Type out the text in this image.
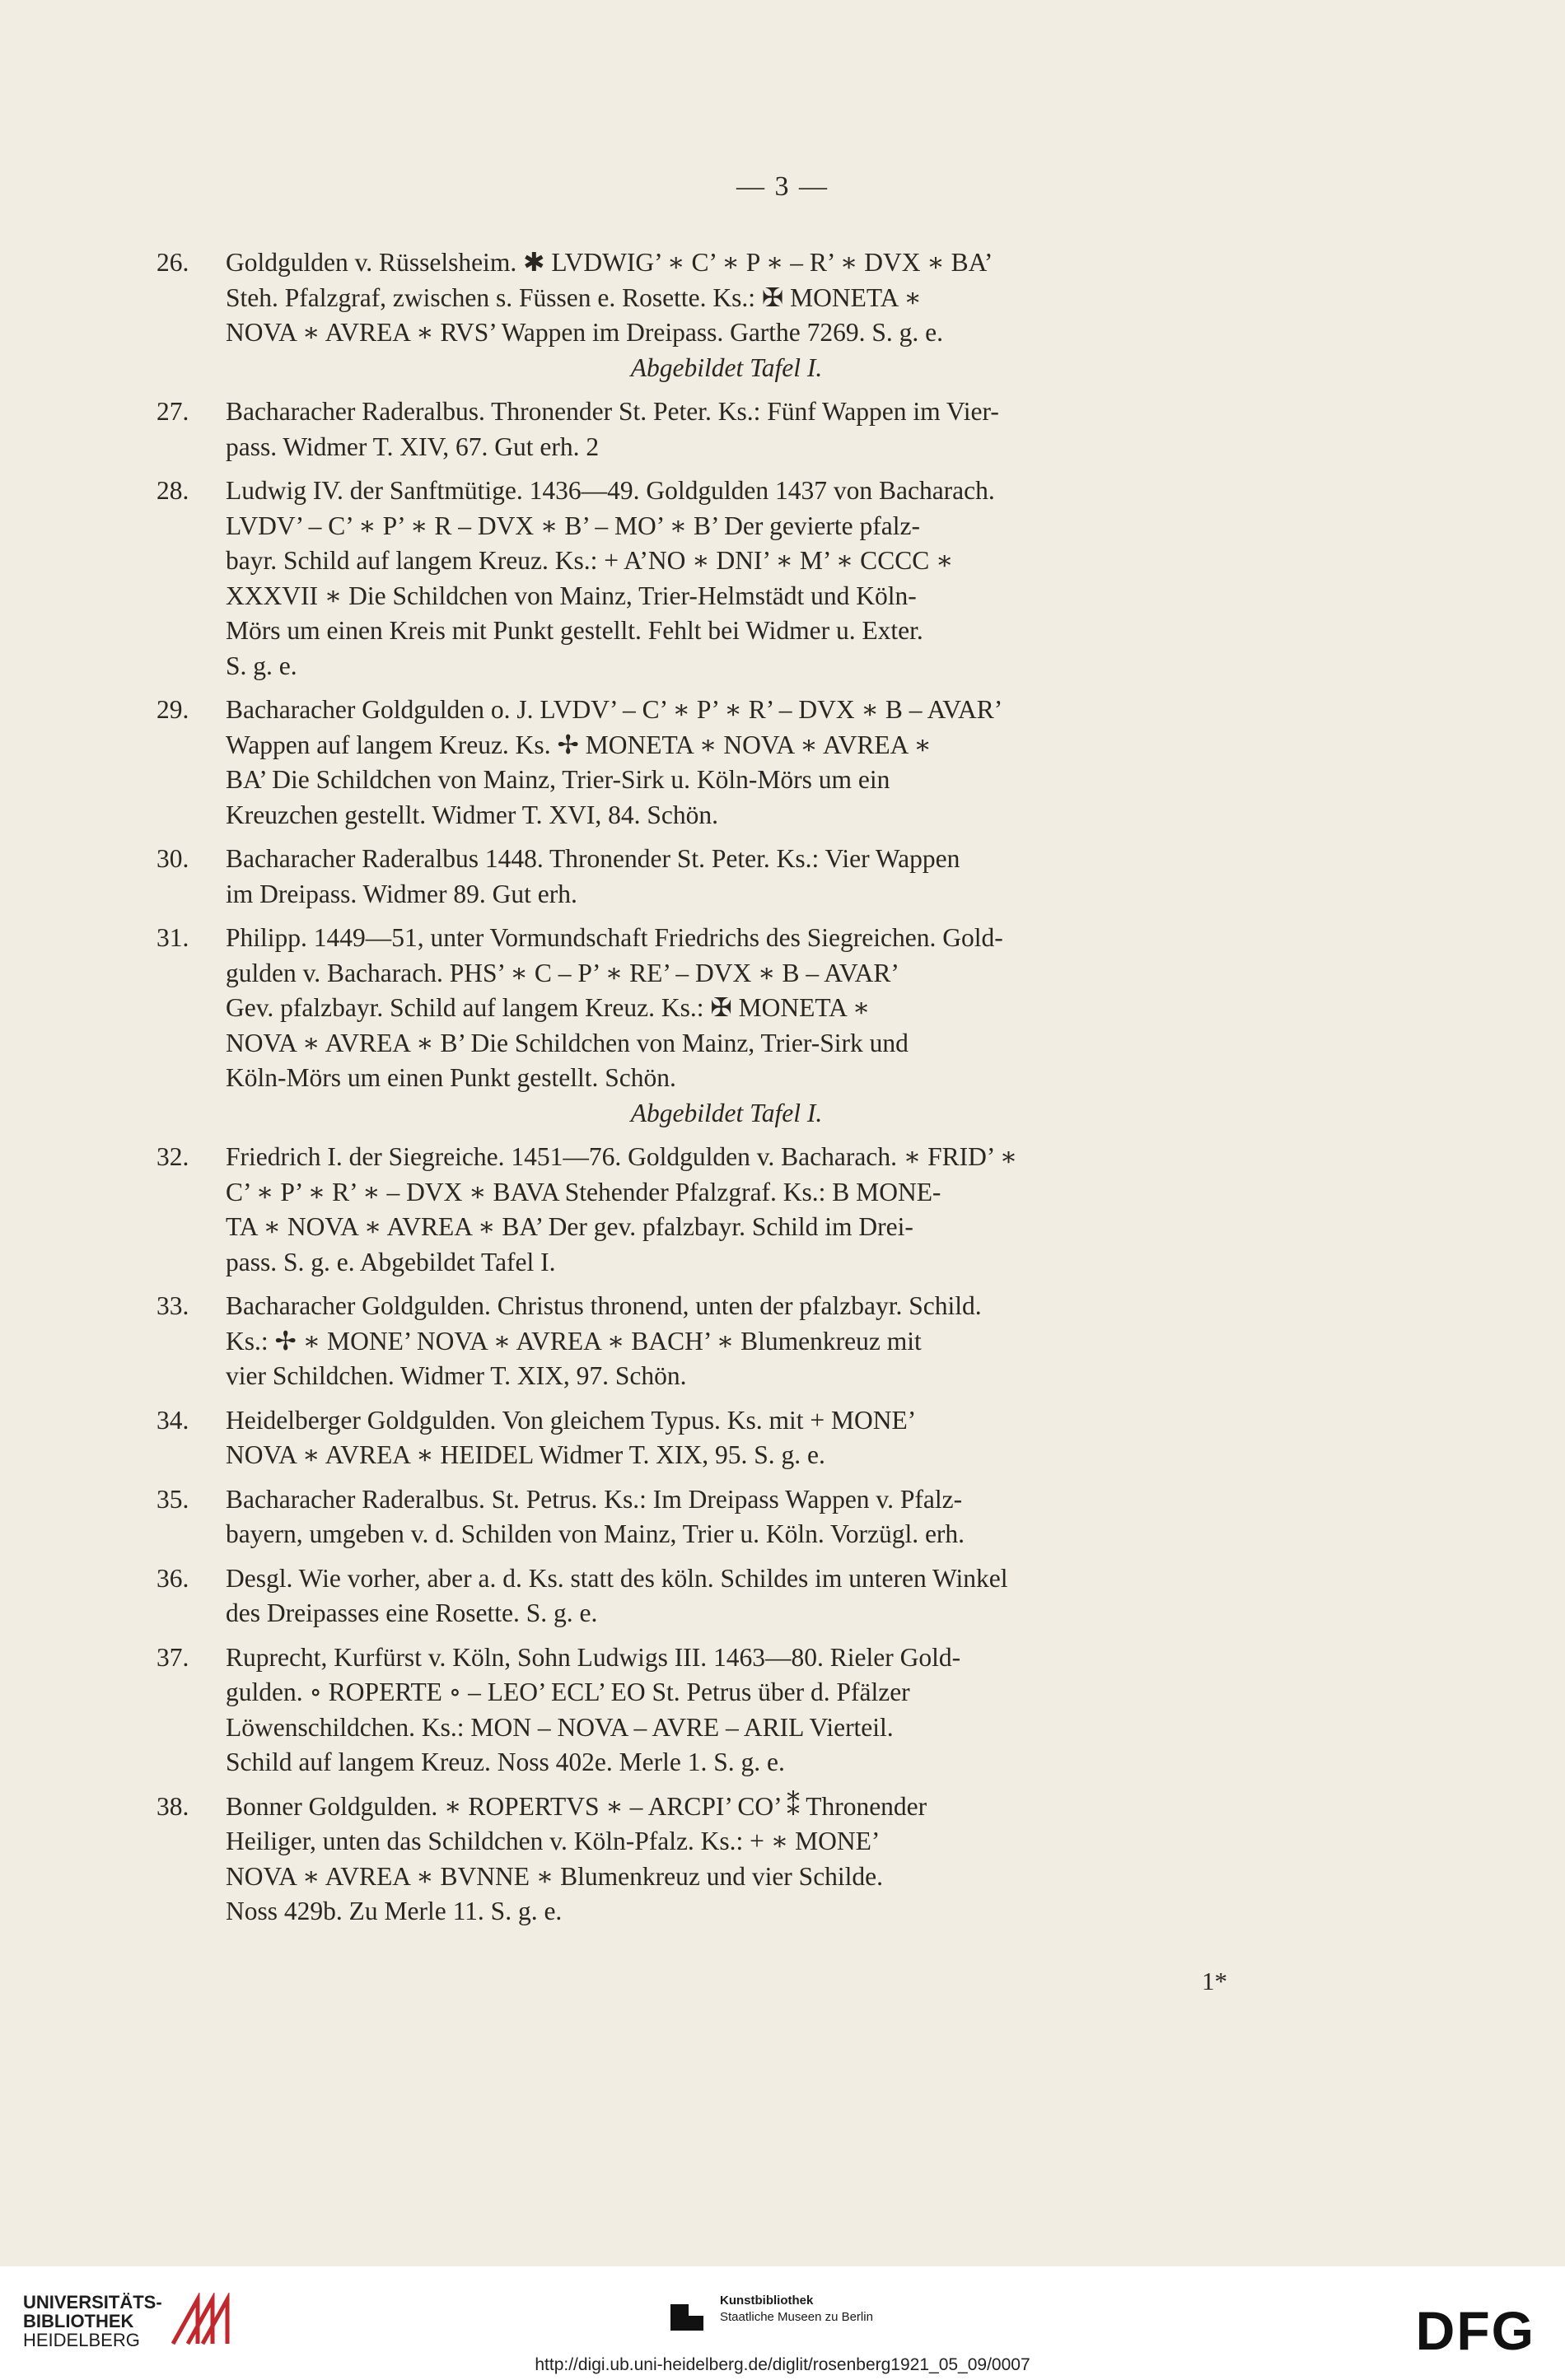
— 3 —
26.	Goldgulden v. Rüsselsheim. ✱ LVDWIG’ ∗ C’ ∗ P ∗ – R’ ∗ DVX ∗ BA’
Steh. Pfalzgraf, zwischen s. Füssen e. Rosette. Ks.: ✠ MONETA ∗
NOVA ∗ AVREA ∗ RVS’ Wappen im Dreipass. Garthe 7269. S. g. e.
Abgebildet Tafel I.
27.	Bacharacher Raderalbus. Thronender St. Peter. Ks.: Fünf Wappen im Vier-
pass. Widmer T. XIV, 67. Gut erh. 2
28.	Ludwig IV. der Sanftmütige. 1436—49. Goldgulden 1437 von Bacharach.
LVDV’ – C’ ∗ P’ ∗ R – DVX ∗ B’ – MO’ ∗ B’ Der gevierte pfalz-
bayr. Schild auf langem Kreuz. Ks.: + A’NO ∗ DNI’ ∗ M’ ∗ CCCC ∗
XXXVII ∗ Die Schildchen von Mainz, Trier-Helmstädt und Köln-
Mörs um einen Kreis mit Punkt gestellt. Fehlt bei Widmer u. Exter.
S. g. e.
29.	Bacharacher Goldgulden o. J. LVDV’ – C’ ∗ P’ ∗ R’ – DVX ∗ B – AVAR’
Wappen auf langem Kreuz. Ks. ✢ MONETA ∗ NOVA ∗ AVREA ∗
BA’ Die Schildchen von Mainz, Trier-Sirk u. Köln-Mörs um ein
Kreuzchen gestellt. Widmer T. XVI, 84. Schön.
30.	Bacharacher Raderalbus 1448. Thronender St. Peter. Ks.: Vier Wappen
im Dreipass. Widmer 89. Gut erh.
31.	Philipp. 1449—51, unter Vormundschaft Friedrichs des Siegreichen. Gold-
gulden v. Bacharach. PHS’ ∗ C – P’ ∗ RE’ – DVX ∗ B – AVAR’
Gev. pfalzbayr. Schild auf langem Kreuz. Ks.: ✠ MONETA ∗
NOVA ∗ AVREA ∗ B’ Die Schildchen von Mainz, Trier-Sirk und
Köln-Mörs um einen Punkt gestellt. Schön.
Abgebildet Tafel I.
32.	Friedrich I. der Siegreiche. 1451—76. Goldgulden v. Bacharach. ∗ FRID’ ∗
C’ ∗ P’ ∗ R’ ∗ – DVX ∗ BAVA Stehender Pfalzgraf. Ks.: B MONE-
TA ∗ NOVA ∗ AVREA ∗ BA’ Der gev. pfalzbayr. Schild im Drei-
pass. S. g. e. Abgebildet Tafel I.
33.	Bacharacher Goldgulden. Christus thronend, unten der pfalzbayr. Schild.
Ks.: ✢ ∗ MONE’ NOVA ∗ AVREA ∗ BACH’ ∗ Blumenkreuz mit
vier Schildchen. Widmer T. XIX, 97. Schön.
34.	Heidelberger Goldgulden. Von gleichem Typus. Ks. mit + MONE’
NOVA ∗ AVREA ∗ HEIDEL Widmer T. XIX, 95. S. g. e.
35.	Bacharacher Raderalbus. St. Petrus. Ks.: Im Dreipass Wappen v. Pfalz-
bayern, umgeben v. d. Schilden von Mainz, Trier u. Köln. Vorzügl. erh.
36.	Desgl. Wie vorher, aber a. d. Ks. statt des köln. Schildes im unteren Winkel
des Dreipasses eine Rosette. S. g. e.
37.	Ruprecht, Kurfürst v. Köln, Sohn Ludwigs III. 1463—80. Rieler Gold-
gulden. ∘ ROPERTE ∘ – LEO’ ECL’ EO St. Petrus über d. Pfälzer
Löwenschildchen. Ks.: MON – NOVA – AVRE – ARIL Vierteil.
Schild auf langem Kreuz. Noss 402e. Merle 1. S. g. e.
38.	Bonner Goldgulden. ∗ ROPERTVS ∗ – ARCPI’ CO’ ⁑ Thronender
Heiliger, unten das Schildchen v. Köln-Pfalz. Ks.: + ∗ MONE’
NOVA ∗ AVREA ∗ BVNNE ∗ Blumenkreuz und vier Schilde.
Noss 429b. Zu Merle 11. S. g. e.
1*
UNIVERSITÄTS-
BIBLIOTHEK
HEIDELBERG
Kunstbibliothek
Staatliche Museen zu Berlin	DFG
http://digi.ub.uni-heidelberg.de/diglit/rosenberg1921_05_09/0007
